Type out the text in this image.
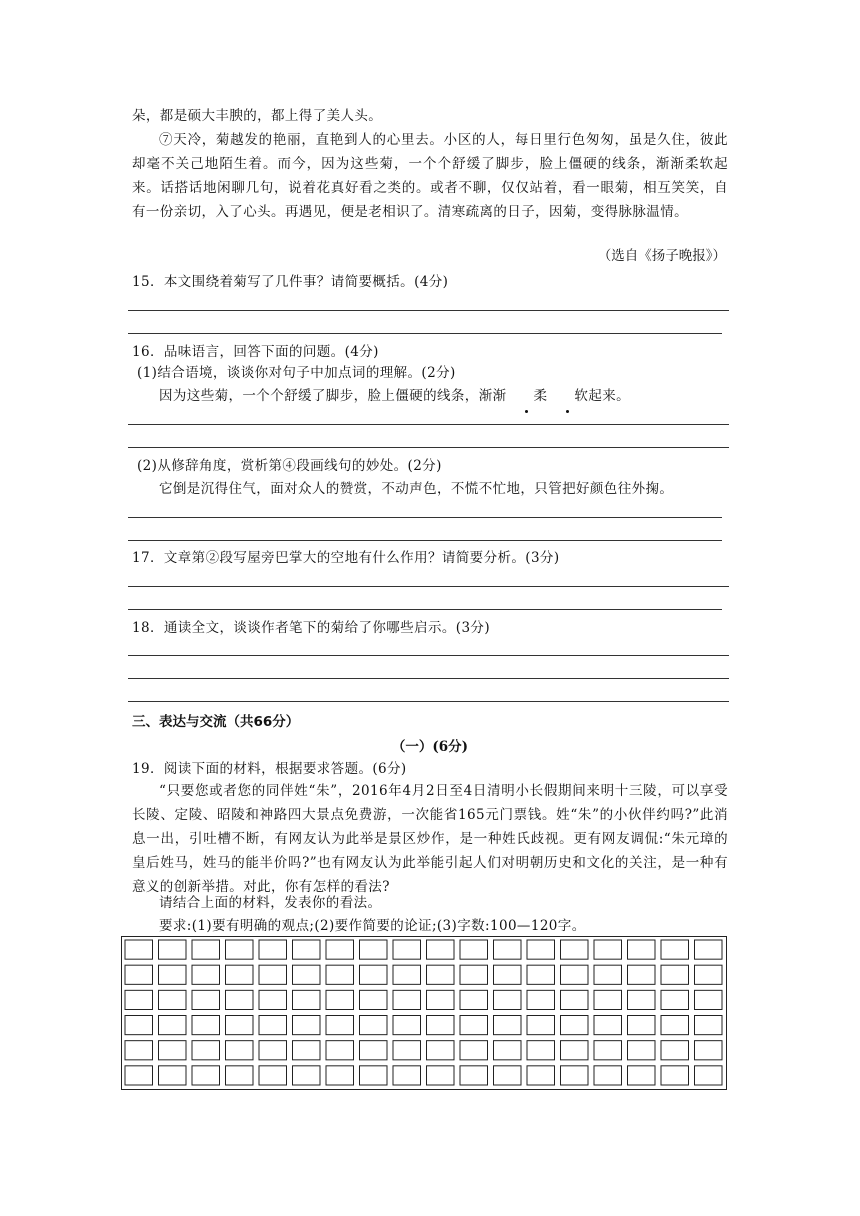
朵，都是硕大丰腴的，都上得了美人头。

⑦天冷，菊越发的艳丽，直艳到人的心里去。小区的人，每日里行色匆匆，虽是久住，彼此却毫不关己地陌生着。而今，因为这些菊，一个个舒缓了脚步，脸上僵硬的线条，渐渐柔软起来。话搭话地闲聊几句，说着花真好看之类的。或者不聊，仅仅站着，看一眼菊，相互笑笑，自有一份亲切，入了心头。再遇见，便是老相识了。清寒疏离的日子，因菊，变得脉脉温情。

（选自《扬子晚报》）

15．本文围绕着菊写了几件事？请简要概括。(4分)

16．品味语言，回答下面的问题。(4分)

(1)结合语境，谈谈你对句子中加点词的理解。(2分)

因为这些菊，一个个舒缓了脚步，脸上僵硬的线条，渐渐 柔 软起来。

(2)从修辞角度，赏析第④段画线句的妙处。(2分)

它倒是沉得住气，面对众人的赞赏，不动声色，不慌不忙地，只管把好颜色往外掬。

17．文章第②段写屋旁巴掌大的空地有什么作用？请简要分析。(3分)

18．通读全文，谈谈作者笔下的菊给了你哪些启示。(3分)

三、表达与交流（共66分）
（一）(6分)

19．阅读下面的材料，根据要求答题。(6分)

“只要您或者您的同伴姓“朱”，2016年4月2日至4日清明小长假期间来明十三陵，可以享受长陵、定陵、昭陵和神路四大景点免费游，一次能省165元门票钱。姓“朱”的小伙伴约吗?”此消息一出，引吐槽不断，有网友认为此举是景区炒作，是一种姓氏歧视。更有网友调侃:“朱元璋的皇后姓马，姓马的能半价吗?”也有网友认为此举能引起人们对明朝历史和文化的关注，是一种有意义的创新举措。对此，你有怎样的看法?

请结合上面的材料，发表你的看法。

要求:(1)要有明确的观点;(2)要作简要的论证;(3)字数:100—120字。
